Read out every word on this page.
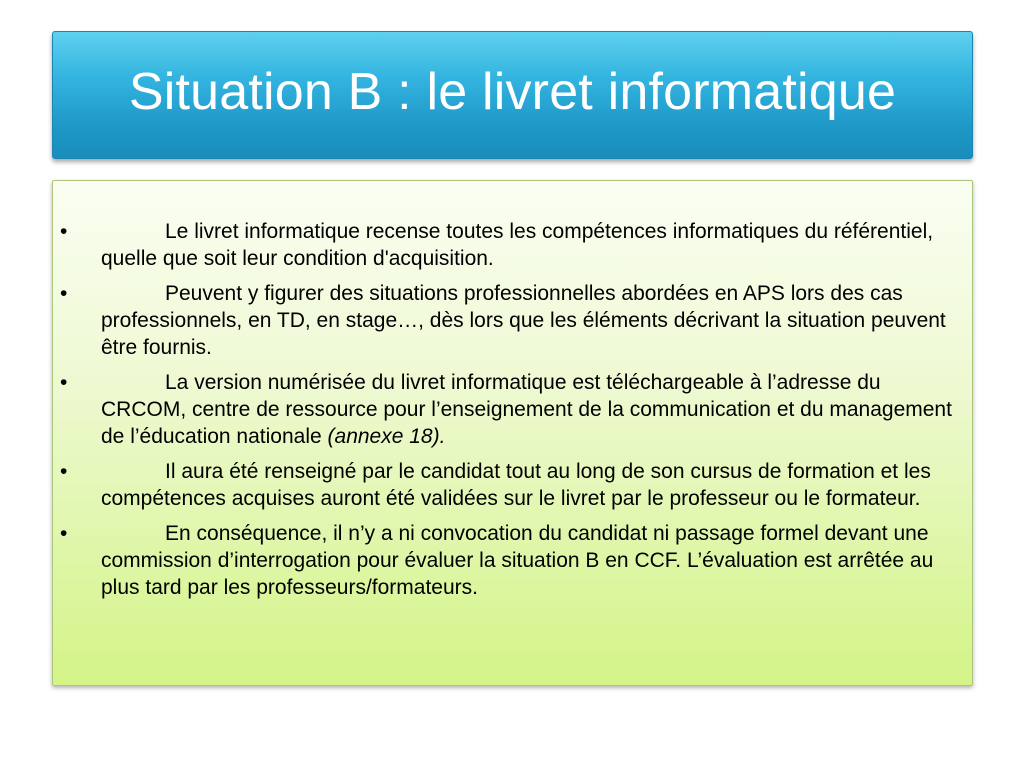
Situation B : le livret informatique
•	Le livret informatique recense toutes les compétences informatiques du référentiel, quelle que soit leur condition d'acquisition.
•	Peuvent y figurer des situations professionnelles abordées en APS lors des cas professionnels, en TD, en stage…, dès lors que les éléments décrivant la situation peuvent être fournis.
•	La version numérisée du livret informatique est téléchargeable à l’adresse du CRCOM, centre de ressource pour l’enseignement de la communication et du management de l’éducation nationale (annexe 18).
•	Il aura été renseigné par le candidat tout au long de son cursus de formation et les compétences acquises auront été validées sur le livret par le professeur ou le formateur.
•	En conséquence, il n’y a ni convocation du candidat ni passage formel devant une commission d’interrogation pour évaluer la situation B en CCF. L’évaluation est arrêtée au plus tard par les professeurs/formateurs.
